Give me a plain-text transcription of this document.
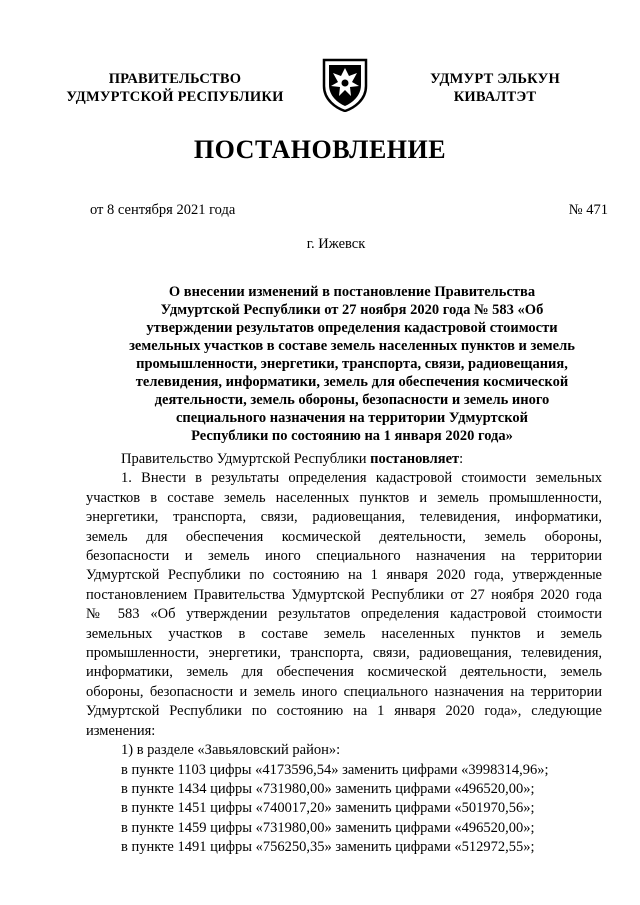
ПРАВИТЕЛЬСТВО
УДМУРТСКОЙ РЕСПУБЛИКИ
УДМУРТ ЭЛЬКУН
КИВАЛТЭТ
ПОСТАНОВЛЕНИЕ
от 8 сентября 2021 года	№ 471
г. Ижевск
О внесении изменений в постановление Правительства
Удмуртской Республики от 27 ноября 2020 года № 583 «Об
утверждении результатов определения кадастровой стоимости
земельных участков в составе земель населенных пунктов и земель
промышленности, энергетики, транспорта, связи, радиовещания,
телевидения, информатики, земель для обеспечения космической
деятельности, земель обороны, безопасности и земель иного
специального назначения на территории Удмуртской
Республики по состоянию на 1 января 2020 года»

Правительство Удмуртской Республики постановляет:

1. Внести в результаты определения кадастровой стоимости земельных
участков в составе земель населенных пунктов и земель промышленности,
энергетики, транспорта, связи, радиовещания, телевидения, информатики,
земель для обеспечения космической деятельности, земель обороны,
безопасности и земель иного специального назначения на территории
Удмуртской Республики по состоянию на 1 января 2020 года, утвержденные
постановлением Правительства Удмуртской Республики от 27 ноября 2020 года
№ 583 «Об утверждении результатов определения кадастровой стоимости
земельных участков в составе земель населенных пунктов и земель
промышленности, энергетики, транспорта, связи, радиовещания, телевидения,
информатики, земель для обеспечения космической деятельности, земель
обороны, безопасности и земель иного специального назначения на территории
Удмуртской Республики по состоянию на 1 января 2020 года», следующие
изменения:

1) в разделе «Завьяловский район»:

в пункте 1103 цифры «4173596,54» заменить цифрами «3998314,96»;

в пункте 1434 цифры «731980,00» заменить цифрами «496520,00»;

в пункте 1451 цифры «740017,20» заменить цифрами «501970,56»;

в пункте 1459 цифры «731980,00» заменить цифрами «496520,00»;

в пункте 1491 цифры «756250,35» заменить цифрами «512972,55»;
